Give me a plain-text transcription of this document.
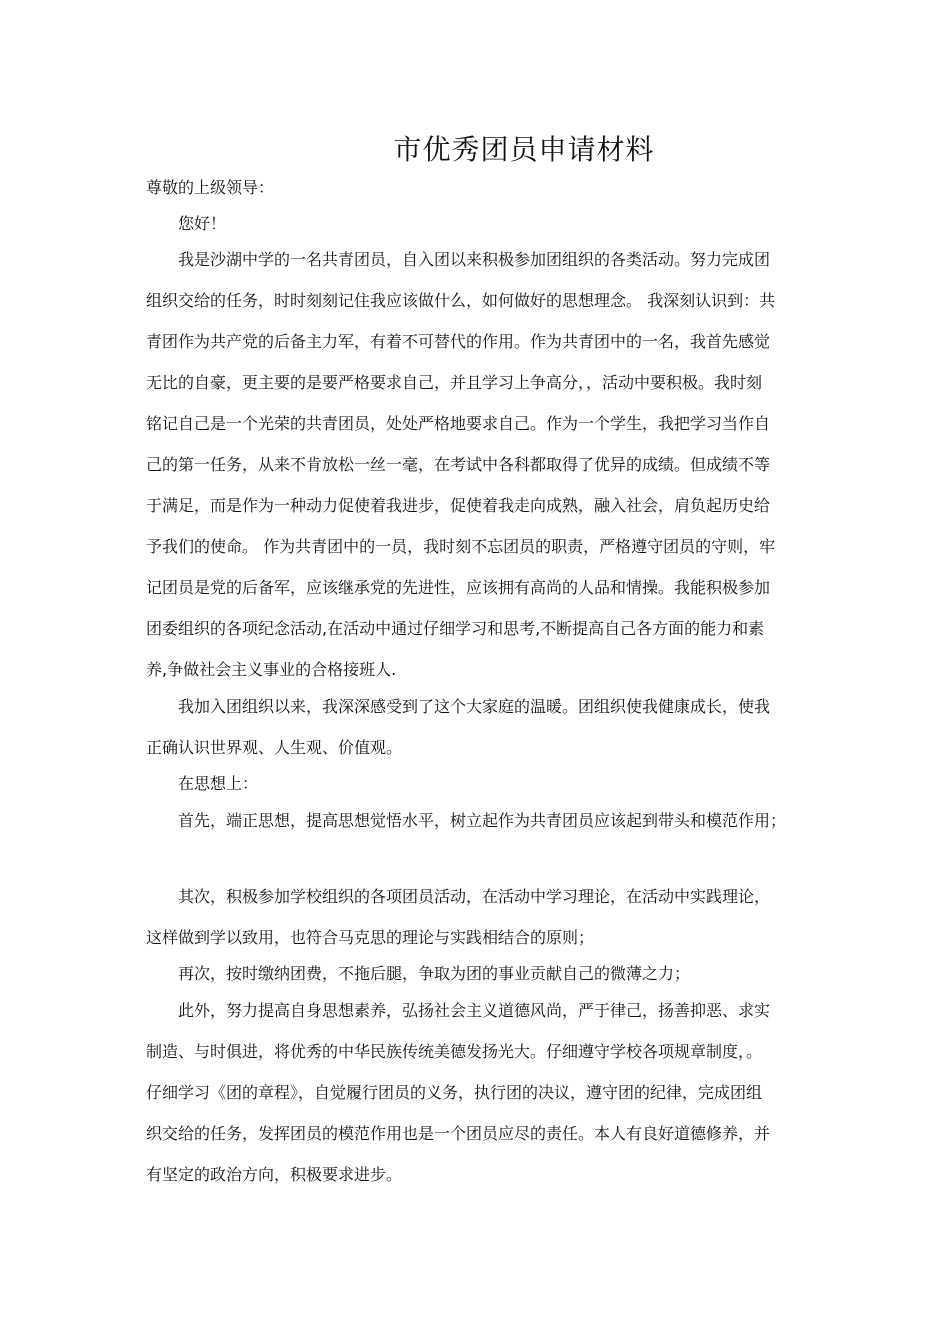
市优秀团员申请材料
尊敬的上级领导：
您好！
我是沙湖中学的一名共青团员，自入团以来积极参加团组织的各类活动。努力完成团
组织交给的任务，时时刻刻记住我应该做什么，如何做好的思想理念。 我深刻认识到：共
青团作为共产党的后备主力军，有着不可替代的作用。作为共青团中的一名，我首先感觉
无比的自豪，更主要的是要严格要求自己，并且学习上争高分，，活动中要积极。我时刻
铭记自己是一个光荣的共青团员，处处严格地要求自己。作为一个学生，我把学习当作自
己的第一任务，从来不肯放松一丝一毫，在考试中各科都取得了优异的成绩。但成绩不等
于满足，而是作为一种动力促使着我进步，促使着我走向成熟，融入社会，肩负起历史给
予我们的使命。 作为共青团中的一员，我时刻不忘团员的职责，严格遵守团员的守则，牢
记团员是党的后备军，应该继承党的先进性，应该拥有高尚的人品和情操。我能积极参加
团委组织的各项纪念活动,在活动中通过仔细学习和思考,不断提高自己各方面的能力和素
养,争做社会主义事业的合格接班人.
我加入团组织以来，我深深感受到了这个大家庭的温暖。团组织使我健康成长，使我
正确认识世界观、人生观、价值观。
在思想上：
首先，端正思想，提高思想觉悟水平，树立起作为共青团员应该起到带头和模范作用；
其次，积极参加学校组织的各项团员活动，在活动中学习理论，在活动中实践理论，
这样做到学以致用，也符合马克思的理论与实践相结合的原则；
再次，按时缴纳团费，不拖后腿，争取为团的事业贡献自己的微薄之力；
此外，努力提高自身思想素养，弘扬社会主义道德风尚，严于律己，扬善抑恶、求实
制造、与时俱进，将优秀的中华民族传统美德发扬光大。仔细遵守学校各项规章制度，。
仔细学习《团的章程》，自觉履行团员的义务，执行团的决议，遵守团的纪律，完成团组
织交给的任务，发挥团员的模范作用也是一个团员应尽的责任。本人有良好道德修养，并
有坚定的政治方向，积极要求进步。
